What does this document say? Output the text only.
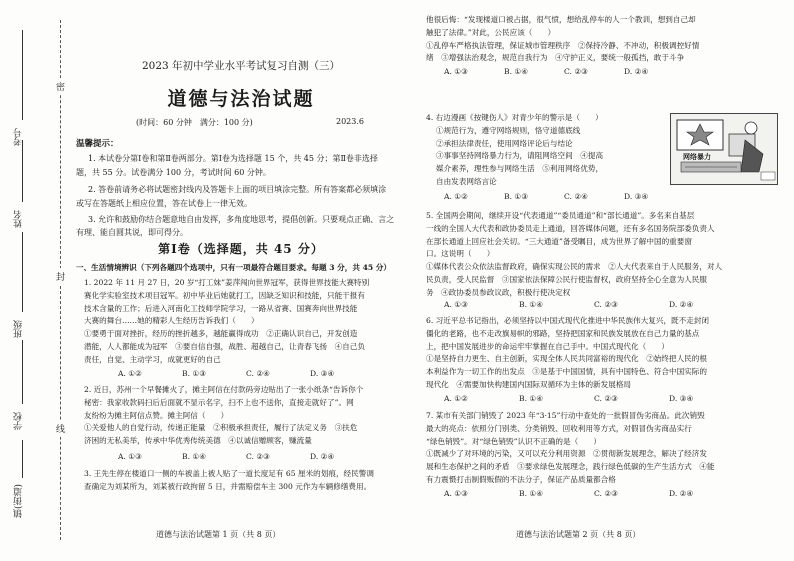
密
封
线
考号
姓名
班级
学校
镇(街道)
2023 年初中学业水平考试复习自测（三）
道德与法治试题
(时间：60 分钟　满分：100 分)	2023.6
温馨提示：
1. 本试卷分第Ⅰ卷和第Ⅱ卷两部分。第Ⅰ卷为选择题 15 个，共 45 分；第Ⅱ卷非选择
题，共 55 分。试卷满分 100 分，考试时间 60 分钟。
2. 答卷前请务必将试题密封线内及答题卡上面的项目填涂完整。所有答案都必须填涂
或写在答题纸上相应位置，答在试卷上一律无效。
3. 允许和鼓励你结合题意地自由发挥，多角度地思考，提倡创新。只要观点正确、言之
有理、能自圆其说，即可得分。
第Ⅰ卷（选择题，共 45 分）
一、生活情境辨识（下列各题四个选项中，只有一项最符合题目要求。每题 3 分，共 45 分）
1. 2022 年 11 月 27 日，20 岁“打工妹”姜萍闯向世界冠军，获得世界技能大赛特别
赛化学实验室技术项目冠军。初中毕业后她就打工，因缺乏知识和技能，只能干报有
技术含量的工作；后进入河南化工技师学院学习，一路从省赛、国赛奔向世界技能
大赛的舞台……她的精彩人生经历告诉我们（　　）
①要勇于面对挫折，经历的挫折越多，越能赢得成功　②正确认识自己，开发创造
潜能，人人都能成为冠军　③要自信自强，战胜、超越自己，让青春飞扬　④自己负
责任，自觉、主动学习，成就更好的自己
A. ①②	B. ①③	C. ②④	D. ③④
2. 近日，苏州一个早餐摊火了，摊主阿信在付款码旁边贴出了一张小纸条“告诉你个
秘密：我家收款码扫后后面就不显示名字，扫不上也不送你，直接走就好了”。网
友纷纷为摊主阿信点赞。摊主阿信（　　）
①关爱他人的自觉行动，传递正能量　②积极承担责任，履行了法定义务　③扶危
济困的无私美举，传承中华优秀传统美德　④以诚信赠顾客，赚流量
A. ①③	B. ①④	C. ②③	D. ②④
3. 王先生停在楼道口一侧的车被盖上被人贴了一道长度足有 65 厘米的划痕，经民警调
查确定为刘某所为，刘某被行政拘留 5 日，并需赔偿车主 300 元作为车辆修缮费用。
道德与法治试题第 1 页（共 8 页）
他很后悔：“发现楼道口被占据，很气愤，想给乱停车的人一个教训，想到自己却
触犯了法律。”对此，公民应该（　　）
①乱停车严格执法管理，保证城市管理秩序　②保持冷静、不冲动，积极调控好情
绪　③增强法治观念，规范自我行为　④守护正义，要统一般孤挡，敢于斗争
A. ①③	B. ①④	C. ②③	D. ②④
4. 右边漫画《按键伤人》对青少年的警示是（　　）
①规范行为，遵守网络规则，恪守道德底线
②承担法律责任，使用网络评论后与结论
③事事坚持网络暴力行为，请阻网络空间　④提高
媒介素养，理性参与网络生活　⑤利用网络优势，
自由发表网络言论
A. ①②	B. ①③	C. ②④	D. ③④
网络暴力
5. 全国两会期间，继续开设“代表通道”“委员通道”和“部长通道”。多名来自基层
一线的全国人大代表和政协委员走上通道，回答媒体问题，还有多名国务院部委负责人
在部长通道上回应社会关切。“三大通道”备受瞩目，成为世界了解中国的重要窗
口。这说明（　　）
①媒体代表公众依法监督政府，确保实现公民的需求　②人大代表来自于人民服务，对人
民负责，受人民监督　③国家依法保障公民行使监督权，政府坚持全心全意为人民服
务　④政协委员参政议政，积极行使决定权
A. ①③	B. ①④	C. ②③	D. ②④
6. 习近平总书记指出，必须坚持以中国式现代化推进中华民族伟大复兴，既不走封闭
僵化的老路，也不走改旗易帜的邪路，坚持把国家和民族发展放在自己力量的基点
上，把中国发展进步的命运牢牢掌握在自己手中。中国式现代化（　　）
①是坚持自力更生、自主创新，实现全体人民共同富裕的现代化　②始终把人民的根
本利益作为一切工作的出发点　③是基于中国国情，具有中国特色、符合中国实际的
现代化　④需要加快构建国内国际双循环为主体的新发展格局
A. ①②	B. ①④	C. ②③	D. ③④
7. 某市有关部门销毁了 2023 年“3·15”行动中查处的一批假冒伪劣商品。此次销毁
最大的亮点：依照分门别类、分类销毁、回收利用等方式，对假冒伪劣商品实行
“绿色销毁”。对“绿色销毁”认识不正确的是（　　）
①既减少了对环境的污染，又可以充分利用资源　②贯彻新发展理念，解决了经济发
展和生态保护之间的矛盾　③要求绿色发展理念，践行绿色低碳的生产生活方式　④能
有力震慑打击制假贩假的不法分子，保证产品质量都合格
A. ①③	B. ①④	C. ②③	D. ②④
道德与法治试题第 2 页（共 8 页）
